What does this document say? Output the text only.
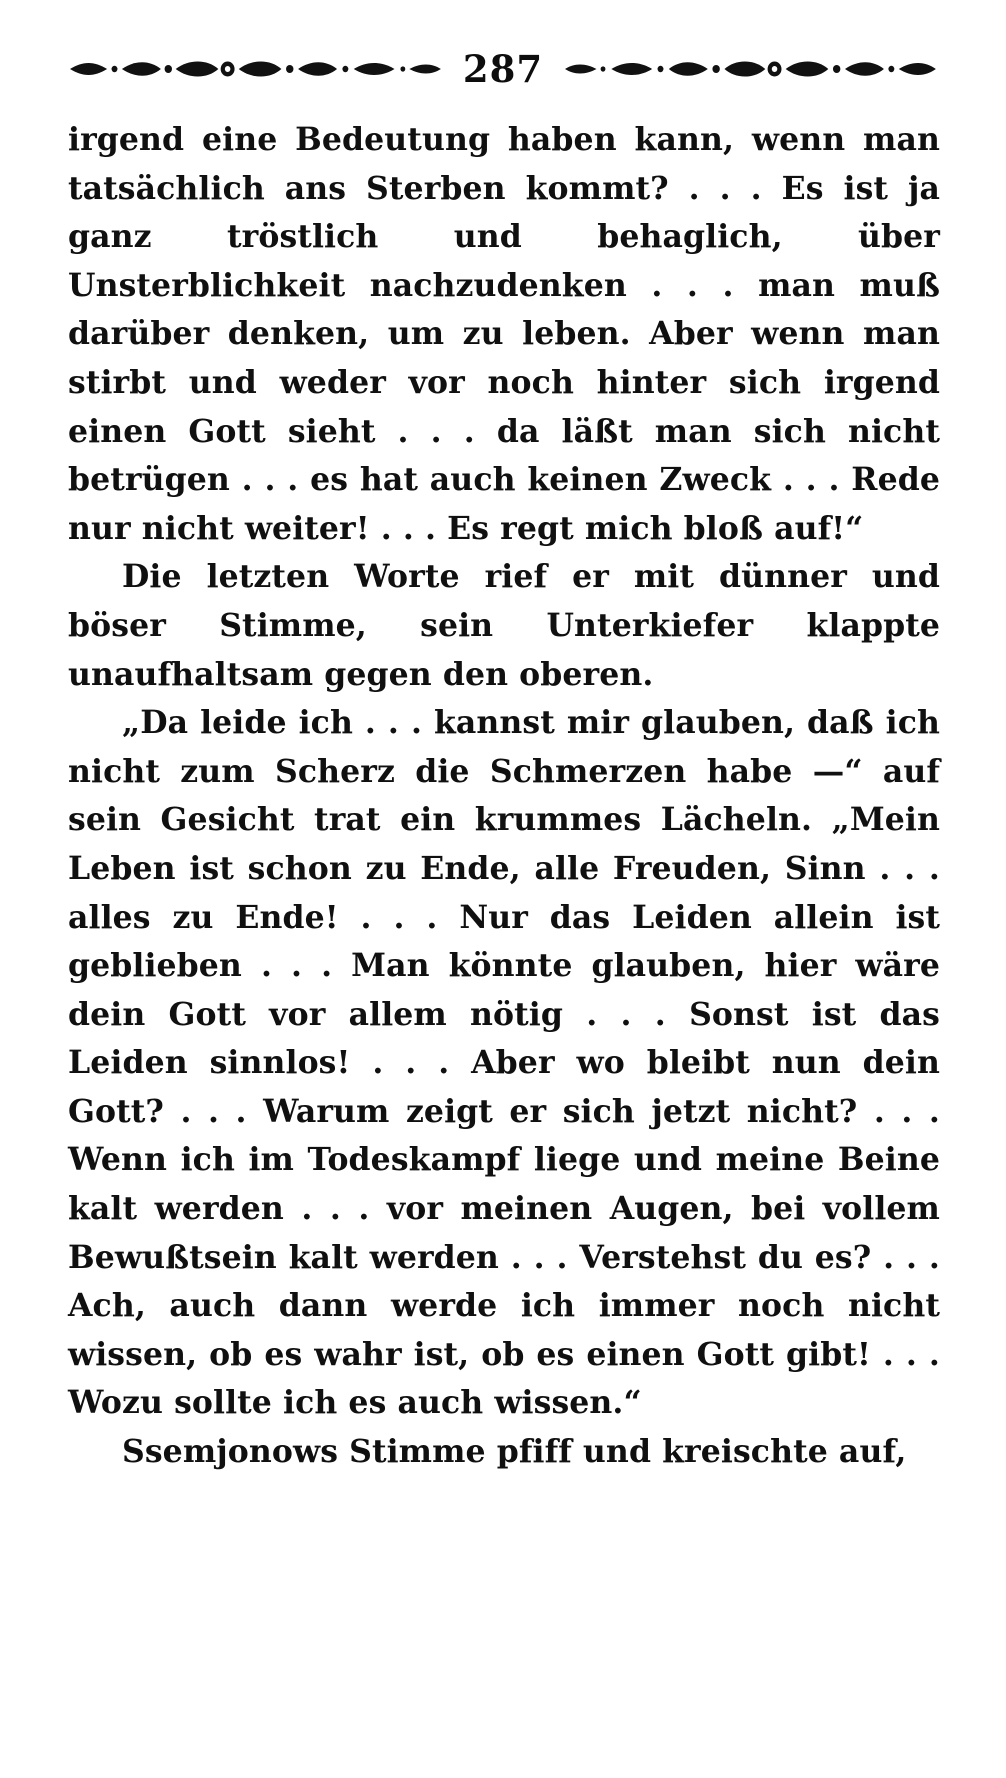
287

irgend eine Bedeutung haben kann, wenn man tatsächlich ans Sterben kommt? . . . Es ist ja ganz tröstlich und behaglich, über Unsterblichkeit nachzudenken . . . man muß darüber denken, um zu leben. Aber wenn man stirbt und weder vor noch hinter sich irgend einen Gott sieht . . . da läßt man sich nicht betrügen . . . es hat auch keinen Zweck . . . Rede nur nicht weiter! . . . Es regt mich bloß auf!“

Die letzten Worte rief er mit dünner und böser Stimme, sein Unterkiefer klappte unaufhaltsam gegen den oberen.

„Da leide ich . . . kannst mir glauben, daß ich nicht zum Scherz die Schmerzen habe —“ auf sein Gesicht trat ein krummes Lächeln. „Mein Leben ist schon zu Ende, alle Freuden, Sinn . . . alles zu Ende! . . . Nur das Leiden allein ist geblieben . . . Man könnte glauben, hier wäre dein Gott vor allem nötig . . . Sonst ist das Leiden sinnlos! . . . Aber wo bleibt nun dein Gott? . . . Warum zeigt er sich jetzt nicht? . . . Wenn ich im Todeskampf liege und meine Beine kalt werden . . . vor meinen Augen, bei vollem Bewußtsein kalt werden . . . Verstehst du es? . . . Ach, auch dann werde ich immer noch nicht wissen, ob es wahr ist, ob es einen Gott gibt! . . . Wozu sollte ich es auch wissen.“

Ssemjonows Stimme pfiff und kreischte auf,
